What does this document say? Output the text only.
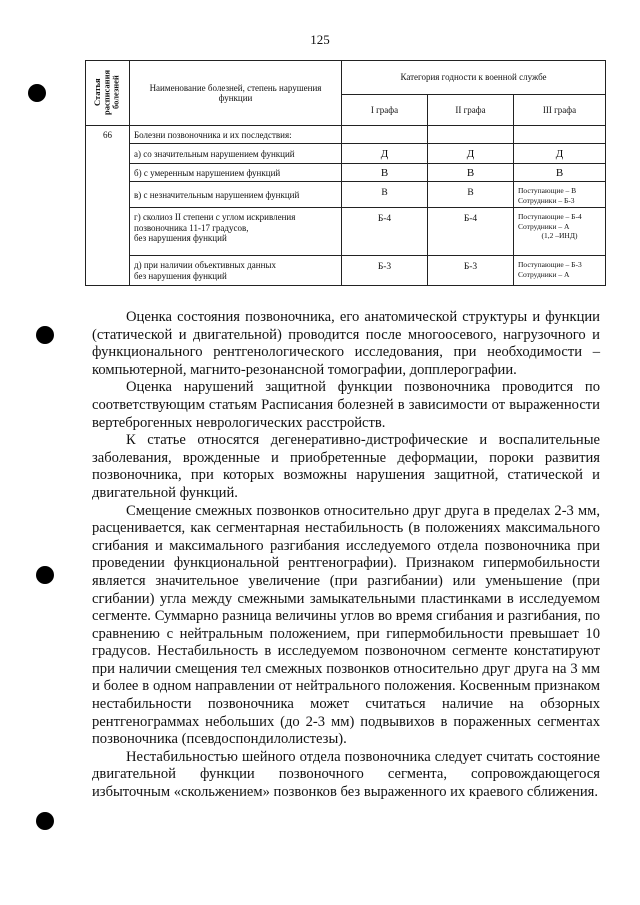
125
Статья расписания болезней	Наименование болезней, степень нарушения функции	Категория годности к военной службе		
		I графа	II графа	III графа
66	Болезни позвоночника и их последствия:			
	а) со значительным нарушением функций	Д	Д	Д
	б) с умеренным нарушением функций	В	В	В
	в) с незначительным нарушением функций	В	В	Поступающие – В
Сотрудники – Б-3
	г) сколиоз II степени с углом искривления
позвоночника 11-17 градусов,
без нарушения функций	Б-4	Б-4	Поступающие – Б-4
Сотрудники – А

(1,2 –ИНД)

	д) при наличии объективных данных
без нарушения функций	Б-3	Б-3	Поступающие – Б-3
Сотрудники – А

Оценка состояния позвоночника, его анатомической структуры и функции (статической и двигательной) проводится после многоосевого, нагрузочного и функционального рентгенологического исследования, при необходимости – компьютерной, магнито-резонансной томографии, допплерографии.

Оценка нарушений защитной функции позвоночника проводится по соответствующим статьям Расписания болезней в зависимости от выраженности вертеброгенных неврологических расстройств.

К статье относятся дегенеративно-дистрофические и воспалительные заболевания, врожденные и приобретенные деформации, пороки развития позвоночника, при которых возможны нарушения защитной, статической и двигательной функций.

Смещение смежных позвонков относительно друг друга в пределах 2-3 мм, расценивается, как сегментарная нестабильность (в положениях максимального сгибания и максимального разгибания исследуемого отдела позвоночника при проведении функциональной рентгенографии). Признаком гипермобильности является значительное увеличение (при разгибании) или уменьшение (при сгибании) угла между смежными замыкательными пластинками в исследуемом сегменте. Суммарно разница величины углов во время сгибания и разгибания, по сравнению с нейтральным положением, при гипермобильности превышает 10 градусов. Нестабильность в исследуемом позвоночном сегменте констатируют при наличии смещения тел смежных позвонков относительно друг друга на 3 мм и более в одном направлении от нейтрального положения. Косвенным признаком нестабильности позвоночника может считаться наличие на обзорных рентгенограммах небольших (до 2-3 мм) подвывихов в пораженных сегментах позвоночника (псевдоспондилолистезы).

Нестабильностью шейного отдела позвоночника следует считать состояние двигательной функции позвоночного сегмента, сопровождающегося избыточным «скольжением» позвонков без выраженного их краевого сближения.
